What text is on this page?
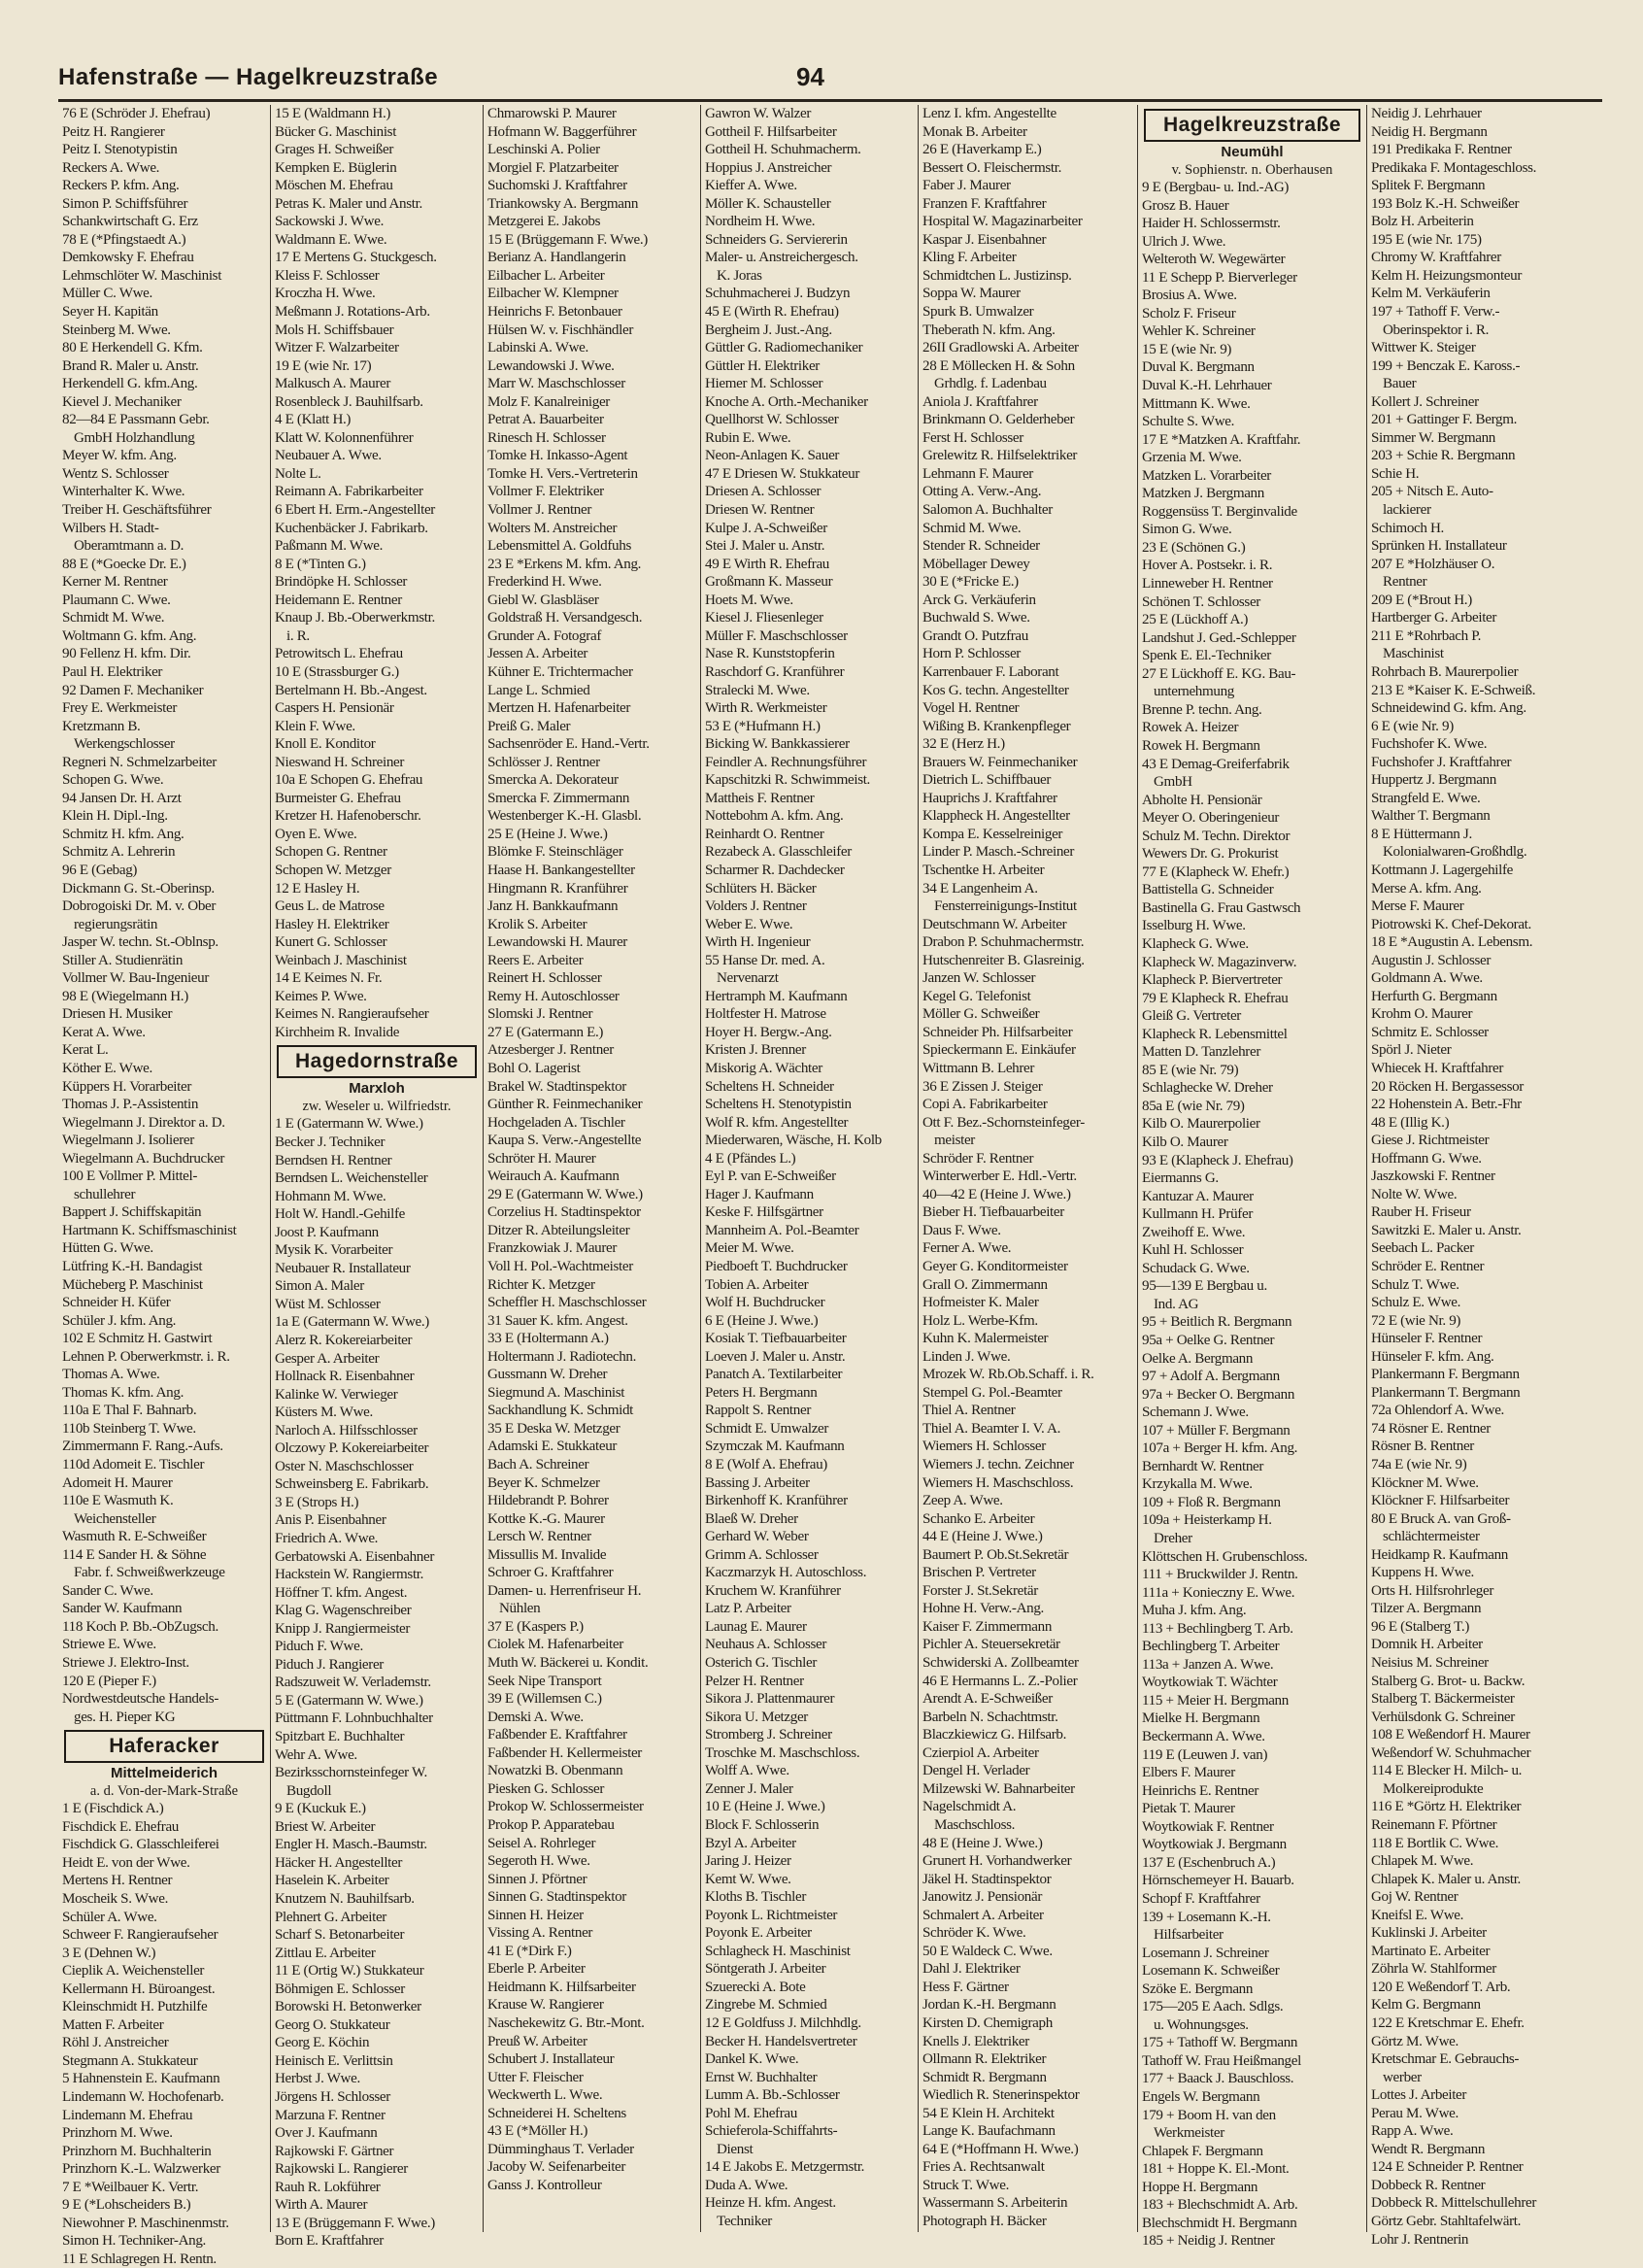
Hafenstraße — Hagelkreuzstraße	94
76 E (Schröder J. Ehefrau)
Peitz H. Rangierer
Peitz I. Stenotypistin
Reckers A. Wwe.
Reckers P. kfm. Ang.
Simon P. Schiffsführer
Schankwirtschaft G. Erz
78 E (*Pfingstaedt A.)
Demkowsky F. Ehefrau
Lehmschlöter W. Maschinist
Müller C. Wwe.
Seyer H. Kapitän
Steinberg M. Wwe.
80 E Herkendell G. Kfm.
Brand R. Maler u. Anstr.
Herkendell G. kfm.Ang.
Kievel J. Mechaniker
82—84 E Passmann Gebr.
GmbH Holzhandlung
Meyer W. kfm. Ang.
Wentz S. Schlosser
Winterhalter K. Wwe.
Treiber H. Geschäftsführer
Wilbers H. Stadt-
Oberamtmann a. D.
88 E (*Goecke Dr. E.)
Kerner M. Rentner
Plaumann C. Wwe.
Schmidt M. Wwe.
Woltmann G. kfm. Ang.
90 Fellenz H. kfm. Dir.
Paul H. Elektriker
92 Damen F. Mechaniker
Frey E. Werkmeister
Kretzmann B.
Werkengschlosser
Regneri N. Schmelzarbeiter
Schopen G. Wwe.
94 Jansen Dr. H. Arzt
Klein H. Dipl.-Ing.
Schmitz H. kfm. Ang.
Schmitz A. Lehrerin
96 E (Gebag)
Dickmann G. St.-Oberinsp.
Dobrogoiski Dr. M. v. Ober
regierungsrätin
Jasper W. techn. St.-Oblnsp.
Stiller A. Studienrätin
Vollmer W. Bau-Ingenieur
98 E (Wiegelmann H.)
Driesen H. Musiker
Kerat A. Wwe.
Kerat L.
Köther E. Wwe.
Küppers H. Vorarbeiter
Thomas J. P.-Assistentin
Wiegelmann J. Direktor a. D.
Wiegelmann J. Isolierer
Wiegelmann A. Buchdrucker
100 E Vollmer P. Mittel-
schullehrer
Bappert J. Schiffskapitän
Hartmann K. Schiffsmaschinist
Hütten G. Wwe.
Lütfring K.-H. Bandagist
Mücheberg P. Maschinist
Schneider H. Küfer
Schüler J. kfm. Ang.
102 E Schmitz H. Gastwirt
Lehnen P. Oberwerkmstr. i. R.
Thomas A. Wwe.
Thomas K. kfm. Ang.
110a E Thal F. Bahnarb.
110b Steinberg T. Wwe.
Zimmermann F. Rang.-Aufs.
110d Adomeit E. Tischler
Adomeit H. Maurer
110e E Wasmuth K.
Weichensteller
Wasmuth R. E-Schweißer
114 E Sander H. & Söhne
Fabr. f. Schweißwerkzeuge
Sander C. Wwe.
Sander W. Kaufmann
118 Koch P. Bb.-ObZugsch.
Striewe E. Wwe.
Striewe J. Elektro-Inst.
120 E (Pieper F.)
Nordwestdeutsche Handels-
ges. H. Pieper KG
Haferacker
Mittelmeiderich
a. d. Von-der-Mark-Straße
1 E (Fischdick A.)
Fischdick E. Ehefrau
Fischdick G. Glasschleiferei
Heidt E. von der Wwe.
Mertens H. Rentner
Moscheik S. Wwe.
Schüler A. Wwe.
Schweer F. Rangieraufseher
3 E (Dehnen W.)
Cieplik A. Weichensteller
Kellermann H. Büroangest.
Kleinschmidt H. Putzhilfe
Matten F. Arbeiter
Röhl J. Anstreicher
Stegmann A. Stukkateur
5 Hahnenstein E. Kaufmann
Lindemann W. Hochofenarb.
Lindemann M. Ehefrau
Prinzhorn M. Wwe.
Prinzhorn M. Buchhalterin
Prinzhorn K.-L. Walzwerker
7 E *Weilbauer K. Vertr.
9 E (*Lohscheiders B.)
Niewohner P. Maschinenmstr.
Simon H. Techniker-Ang.
11 E Schlagregen H. Rentn.
15 E (Waldmann H.)
Bücker G. Maschinist
Grages H. Schweißer
Kempken E. Büglerin
Möschen M. Ehefrau
Petras K. Maler und Anstr.
Sackowski J. Wwe.
Waldmann E. Wwe.
17 E Mertens G. Stuckgesch.
Kleiss F. Schlosser
Kroczha H. Wwe.
Meßmann J. Rotations-Arb.
Mols H. Schiffsbauer
Witzer F. Walzarbeiter
19 E (wie Nr. 17)
Malkusch A. Maurer
Rosenbleck J. Bauhilfsarb.
4 E (Klatt H.)
Klatt W. Kolonnenführer
Neubauer A. Wwe.
Nolte L.
Reimann A. Fabrikarbeiter
6 Ebert H. Erm.-Angestellter
Kuchenbäcker J. Fabrikarb.
Paßmann M. Wwe.
8 E (*Tinten G.)
Brindöpke H. Schlosser
Heidemann E. Rentner
Knaup J. Bb.-Oberwerkmstr.
i. R.
Petrowitsch L. Ehefrau
10 E (Strassburger G.)
Bertelmann H. Bb.-Angest.
Caspers H. Pensionär
Klein F. Wwe.
Knoll E. Konditor
Nieswand H. Schreiner
10a E Schopen G. Ehefrau
Burmeister G. Ehefrau
Kretzer H. Hafenoberschr.
Oyen E. Wwe.
Schopen G. Rentner
Schopen W. Metzger
12 E Hasley H.
Geus L. de Matrose
Hasley H. Elektriker
Kunert G. Schlosser
Weinbach J. Maschinist
14 E Keimes N. Fr.
Keimes P. Wwe.
Keimes N. Rangieraufseher
Kirchheim R. Invalide
Hagedornstraße
Marxloh
zw. Weseler u. Wilfriedstr.
1 E (Gatermann W. Wwe.)
Becker J. Techniker
Berndsen H. Rentner
Berndsen L. Weichensteller
Hohmann M. Wwe.
Holt W. Handl.-Gehilfe
Joost P. Kaufmann
Mysik K. Vorarbeiter
Neubauer R. Installateur
Simon A. Maler
Wüst M. Schlosser
1a E (Gatermann W. Wwe.)
Alerz R. Kokereiarbeiter
Gesper A. Arbeiter
Hollnack R. Eisenbahner
Kalinke W. Verwieger
Küsters M. Wwe.
Narloch A. Hilfsschlosser
Olczowy P. Kokereiarbeiter
Oster N. Maschschlosser
Schweinsberg E. Fabrikarb.
3 E (Strops H.)
Anis P. Eisenbahner
Friedrich A. Wwe.
Gerbatowski A. Eisenbahner
Hackstein W. Rangiermstr.
Höffner T. kfm. Angest.
Klag G. Wagenschreiber
Knipp J. Rangiermeister
Piduch F. Wwe.
Piduch J. Rangierer
Radszuweit W. Verlademstr.
5 E (Gatermann W. Wwe.)
Püttmann F. Lohnbuchhalter
Spitzbart E. Buchhalter
Wehr A. Wwe.
Bezirksschornsteinfeger W.
Bugdoll
9 E (Kuckuk E.)
Briest W. Arbeiter
Engler H. Masch.-Baumstr.
Häcker H. Angestellter
Haselein K. Arbeiter
Knutzem N. Bauhilfsarb.
Plehnert G. Arbeiter
Scharf S. Betonarbeiter
Zittlau E. Arbeiter
11 E (Ortig W.) Stukkateur
Böhmigen E. Schlosser
Borowski H. Betonwerker
Georg O. Stukkateur
Georg E. Köchin
Heinisch E. Verlittsin
Herbst J. Wwe.
Jörgens H. Schlosser
Marzuna F. Rentner
Over J. Kaufmann
Rajkowski F. Gärtner
Rajkowski L. Rangierer
Rauh R. Lokführer
Wirth A. Maurer
13 E (Brüggemann F. Wwe.)
Born E. Kraftfahrer
Chmarowski P. Maurer
Hofmann W. Baggerführer
Leschinski A. Polier
Morgiel F. Platzarbeiter
Suchomski J. Kraftfahrer
Triankowsky A. Bergmann
Metzgerei E. Jakobs
15 E (Brüggemann F. Wwe.)
Berianz A. Handlangerin
Eilbacher L. Arbeiter
Eilbacher W. Klempner
Heinrichs F. Betonbauer
Hülsen W. v. Fischhändler
Labinski A. Wwe.
Lewandowski J. Wwe.
Marr W. Maschschlosser
Molz F. Kanalreiniger
Petrat A. Bauarbeiter
Rinesch H. Schlosser
Tomke H. Inkasso-Agent
Tomke H. Vers.-Vertreterin
Vollmer F. Elektriker
Vollmer J. Rentner
Wolters M. Anstreicher
Lebensmittel A. Goldfuhs
23 E *Erkens M. kfm. Ang.
Frederkind H. Wwe.
Giebl W. Glasbläser
Goldstraß H. Versandgesch.
Grunder A. Fotograf
Jessen A. Arbeiter
Kühner E. Trichtermacher
Lange L. Schmied
Mertzen H. Hafenarbeiter
Preiß G. Maler
Sachsenröder E. Hand.-Vertr.
Schlösser J. Rentner
Smercka A. Dekorateur
Smercka F. Zimmermann
Westenberger K.-H. Glasbl.
25 E (Heine J. Wwe.)
Blömke F. Steinschläger
Haase H. Bankangestellter
Hingmann R. Kranführer
Janz H. Bankkaufmann
Krolik S. Arbeiter
Lewandowski H. Maurer
Reers E. Arbeiter
Reinert H. Schlosser
Remy H. Autoschlosser
Slomski J. Rentner
27 E (Gatermann E.)
Atzesberger J. Rentner
Bohl O. Lagerist
Brakel W. Stadtinspektor
Günther R. Feinmechaniker
Hochgeladen A. Tischler
Kaupa S. Verw.-Angestellte
Schröter H. Maurer
Weirauch A. Kaufmann
29 E (Gatermann W. Wwe.)
Corzelius H. Stadtinspektor
Ditzer R. Abteilungsleiter
Franzkowiak J. Maurer
Voll H. Pol.-Wachtmeister
Richter K. Metzger
Scheffler H. Maschschlosser
31 Sauer K. kfm. Angest.
33 E (Holtermann A.)
Holtermann J. Radiotechn.
Gussmann W. Dreher
Siegmund A. Maschinist
Sackhandlung K. Schmidt
35 E Deska W. Metzger
Adamski E. Stukkateur
Bach A. Schreiner
Beyer K. Schmelzer
Hildebrandt P. Bohrer
Kottke K.-G. Maurer
Lersch W. Rentner
Missullis M. Invalide
Schroer G. Kraftfahrer
Damen- u. Herrenfriseur H.
Nühlen
37 E (Kaspers P.)
Ciolek M. Hafenarbeiter
Muth W. Bäckerei u. Kondit.
Seek Nipe Transport
39 E (Willemsen C.)
Demski A. Wwe.
Faßbender E. Kraftfahrer
Faßbender H. Kellermeister
Nowatzki B. Obenmann
Piesken G. Schlosser
Prokop W. Schlossermeister
Prokop P. Apparatebau
Seisel A. Rohrleger
Segeroth H. Wwe.
Sinnen J. Pförtner
Sinnen G. Stadtinspektor
Sinnen H. Heizer
Vissing A. Rentner
41 E (*Dirk F.)
Eberle P. Arbeiter
Heidmann K. Hilfsarbeiter
Krause W. Rangierer
Naschekewitz G. Btr.-Mont.
Preuß W. Arbeiter
Schubert J. Installateur
Utter F. Fleischer
Weckwerth L. Wwe.
Schneiderei H. Scheltens
43 E (*Möller H.)
Dümminghaus T. Verlader
Jacoby W. Seifenarbeiter
Ganss J. Kontrolleur
Gawron W. Walzer
Gottheil F. Hilfsarbeiter
Gottheil H. Schuhmacherm.
Hoppius J. Anstreicher
Kieffer A. Wwe.
Möller K. Schausteller
Nordheim H. Wwe.
Schneiders G. Serviererin
Maler- u. Anstreichergesch.
K. Joras
Schuhmacherei J. Budzyn
45 E (Wirth R. Ehefrau)
Bergheim J. Just.-Ang.
Güttler G. Radiomechaniker
Güttler H. Elektriker
Hiemer M. Schlosser
Knoche A. Orth.-Mechaniker
Quellhorst W. Schlosser
Rubin E. Wwe.
Neon-Anlagen K. Sauer
47 E Driesen W. Stukkateur
Driesen A. Schlosser
Driesen W. Rentner
Kulpe J. A-Schweißer
Stei J. Maler u. Anstr.
49 E Wirth R. Ehefrau
Großmann K. Masseur
Hoets M. Wwe.
Kiesel J. Fliesenleger
Müller F. Maschschlosser
Nase R. Kunststopferin
Raschdorf G. Kranführer
Stralecki M. Wwe.
Wirth R. Werkmeister
53 E (*Hufmann H.)
Bicking W. Bankkassierer
Feindler A. Rechnungsführer
Kapschitzki R. Schwimmeist.
Mattheis F. Rentner
Nottebohm A. kfm. Ang.
Reinhardt O. Rentner
Rezabeck A. Glasschleifer
Scharmer R. Dachdecker
Schlüters H. Bäcker
Volders J. Rentner
Weber E. Wwe.
Wirth H. Ingenieur
55 Hanse Dr. med. A.
Nervenarzt
Hertramph M. Kaufmann
Holtfester H. Matrose
Hoyer H. Bergw.-Ang.
Kristen J. Brenner
Miskorig A. Wächter
Scheltens H. Schneider
Scheltens H. Stenotypistin
Wolf R. kfm. Angestellter
Miederwaren, Wäsche, H. Kolb
4 E (Pfändes L.)
Eyl P. van E-Schweißer
Hager J. Kaufmann
Keske F. Hilfsgärtner
Mannheim A. Pol.-Beamter
Meier M. Wwe.
Piedboeft T. Buchdrucker
Tobien A. Arbeiter
Wolf H. Buchdrucker
6 E (Heine J. Wwe.)
Kosiak T. Tiefbauarbeiter
Loeven J. Maler u. Anstr.
Panatch A. Textilarbeiter
Peters H. Bergmann
Rappolt S. Rentner
Schmidt E. Umwalzer
Szymczak M. Kaufmann
8 E (Wolf A. Ehefrau)
Bassing J. Arbeiter
Birkenhoff K. Kranführer
Blaeß W. Dreher
Gerhard W. Weber
Grimm A. Schlosser
Kaczmarzyk H. Autoschloss.
Kruchem W. Kranführer
Latz P. Arbeiter
Launag E. Maurer
Neuhaus A. Schlosser
Osterich G. Tischler
Pelzer H. Rentner
Sikora J. Plattenmaurer
Sikora U. Metzger
Stromberg J. Schreiner
Troschke M. Maschschloss.
Wolff A. Wwe.
Zenner J. Maler
10 E (Heine J. Wwe.)
Block F. Schlosserin
Bzyl A. Arbeiter
Jaring J. Heizer
Kemt W. Wwe.
Kloths B. Tischler
Poyonk L. Richtmeister
Poyonk E. Arbeiter
Schlagheck H. Maschinist
Söntgerath J. Arbeiter
Szuerecki A. Bote
Zingrebe M. Schmied
12 E Goldfuss J. Milchhdlg.
Becker H. Handelsvertreter
Dankel K. Wwe.
Ernst W. Buchhalter
Lumm A. Bb.-Schlosser
Pohl M. Ehefrau
Schieferola-Schiffahrts-
Dienst
14 E Jakobs E. Metzgermstr.
Duda A. Wwe.
Heinze H. kfm. Angest.
Techniker
Lenz I. kfm. Angestellte
Monak B. Arbeiter
26 E (Haverkamp E.)
Bessert O. Fleischermstr.
Faber J. Maurer
Franzen F. Kraftfahrer
Hospital W. Magazinarbeiter
Kaspar J. Eisenbahner
Kling F. Arbeiter
Schmidtchen L. Justizinsp.
Soppa W. Maurer
Spurk B. Umwalzer
Theberath N. kfm. Ang.
26II Gradlowski A. Arbeiter
28 E Möllecken H. & Sohn
Grhdlg. f. Ladenbau
Aniola J. Kraftfahrer
Brinkmann O. Gelderheber
Ferst H. Schlosser
Grelewitz R. Hilfselektriker
Lehmann F. Maurer
Otting A. Verw.-Ang.
Salomon A. Buchhalter
Schmid M. Wwe.
Stender R. Schneider
Möbellager Dewey
30 E (*Fricke E.)
Arck G. Verkäuferin
Buchwald S. Wwe.
Grandt O. Putzfrau
Horn P. Schlosser
Karrenbauer F. Laborant
Kos G. techn. Angestellter
Vogel H. Rentner
Wißing B. Krankenpfleger
32 E (Herz H.)
Brauers W. Feinmechaniker
Dietrich L. Schiffbauer
Hauprichs J. Kraftfahrer
Klappheck H. Angestellter
Kompa E. Kesselreiniger
Linder P. Masch.-Schreiner
Tschentke H. Arbeiter
34 E Langenheim A.
Fensterreinigungs-Institut
Deutschmann W. Arbeiter
Drabon P. Schuhmachermstr.
Hutschenreiter B. Glasreinig.
Janzen W. Schlosser
Kegel G. Telefonist
Möller G. Schweißer
Schneider Ph. Hilfsarbeiter
Spieckermann E. Einkäufer
Wittmann B. Lehrer
36 E Zissen J. Steiger
Copi A. Fabrikarbeiter
Ott F. Bez.-Schornsteinfeger-
meister
Schröder F. Rentner
Winterwerber E. Hdl.-Vertr.
40—42 E (Heine J. Wwe.)
Bieber H. Tiefbauarbeiter
Daus F. Wwe.
Ferner A. Wwe.
Geyer G. Konditormeister
Grall O. Zimmermann
Hofmeister K. Maler
Holz L. Werbe-Kfm.
Kuhn K. Malermeister
Linden J. Wwe.
Mrozek W. Rb.Ob.Schaff. i. R.
Stempel G. Pol.-Beamter
Thiel A. Rentner
Thiel A. Beamter I. V. A.
Wiemers H. Schlosser
Wiemers J. techn. Zeichner
Wiemers H. Maschschloss.
Zeep A. Wwe.
Schanko E. Arbeiter
44 E (Heine J. Wwe.)
Baumert P. Ob.St.Sekretär
Brischen P. Vertreter
Forster J. St.Sekretär
Hohne H. Verw.-Ang.
Kaiser F. Zimmermann
Pichler A. Steuersekretär
Schwiderski A. Zollbeamter
46 E Hermanns L. Z.-Polier
Arendt A. E-Schweißer
Barbeln N. Schachtmstr.
Blaczkiewicz G. Hilfsarb.
Czierpiol A. Arbeiter
Dengel H. Verlader
Milzewski W. Bahnarbeiter
Nagelschmidt A.
Maschschloss.
48 E (Heine J. Wwe.)
Grunert H. Vorhandwerker
Jäkel H. Stadtinspektor
Janowitz J. Pensionär
Schmalert A. Arbeiter
Schröder K. Wwe.
50 E Waldeck C. Wwe.
Dahl J. Elektriker
Hess F. Gärtner
Jordan K.-H. Bergmann
Kirsten D. Chemigraph
Knells J. Elektriker
Ollmann R. Elektriker
Schmidt R. Bergmann
Wiedlich R. Stenerinspektor
54 E Klein H. Architekt
Lange K. Baufachmann
64 E (*Hoffmann H. Wwe.)
Fries A. Rechtsanwalt
Struck T. Wwe.
Wassermann S. Arbeiterin
Photograph H. Bäcker
Hagelkreuzstraße
Neumühl
v. Sophienstr. n. Oberhausen
9 E (Bergbau- u. Ind.-AG)
Grosz B. Hauer
Haider H. Schlossermstr.
Ulrich J. Wwe.
Welteroth W. Wegewärter
11 E Schepp P. Bierverleger
Brosius A. Wwe.
Scholz F. Friseur
Wehler K. Schreiner
15 E (wie Nr. 9)
Duval K. Bergmann
Duval K.-H. Lehrhauer
Mittmann K. Wwe.
Schulte S. Wwe.
17 E *Matzken A. Kraftfahr.
Grzenia M. Wwe.
Matzken L. Vorarbeiter
Matzken J. Bergmann
Roggensüss T. Berginvalide
Simon G. Wwe.
23 E (Schönen G.)
Hover A. Postsekr. i. R.
Linneweber H. Rentner
Schönen T. Schlosser
25 E (Lückhoff A.)
Landshut J. Ged.-Schlepper
Spenk E. El.-Techniker
27 E Lückhoff E. KG. Bau-
unternehmung
Brenne P. techn. Ang.
Rowek A. Heizer
Rowek H. Bergmann
43 E Demag-Greiferfabrik
GmbH
Abholte H. Pensionär
Meyer O. Oberingenieur
Schulz M. Techn. Direktor
Wewers Dr. G. Prokurist
77 E (Klapheck W. Ehefr.)
Battistella G. Schneider
Bastinella G. Frau Gastwsch
Isselburg H. Wwe.
Klapheck G. Wwe.
Klapheck W. Magazinverw.
Klapheck P. Biervertreter
79 E Klapheck R. Ehefrau
Gleiß G. Vertreter
Klapheck R. Lebensmittel
Matten D. Tanzlehrer
85 E (wie Nr. 79)
Schlaghecke W. Dreher
85a E (wie Nr. 79)
Kilb O. Maurerpolier
Kilb O. Maurer
93 E (Klapheck J. Ehefrau)
Eiermanns G.
Kantuzar A. Maurer
Kullmann H. Prüfer
Zweihoff E. Wwe.
Kuhl H. Schlosser
Schudack G. Wwe.
95—139 E Bergbau u.
Ind. AG
95 + Beitlich R. Bergmann
95a + Oelke G. Rentner
Oelke A. Bergmann
97 + Adolf A. Bergmann
97a + Becker O. Bergmann
Schemann J. Wwe.
107 + Müller F. Bergmann
107a + Berger H. kfm. Ang.
Bernhardt W. Rentner
Krzykalla M. Wwe.
109 + Floß R. Bergmann
109a + Heisterkamp H.
Dreher
Klöttschen H. Grubenschloss.
111 + Bruckwilder J. Rentn.
111a + Konieczny E. Wwe.
Muha J. kfm. Ang.
113 + Bechlingberg T. Arb.
Bechlingberg T. Arbeiter
113a + Janzen A. Wwe.
Woytkowiak T. Wächter
115 + Meier H. Bergmann
Mielke H. Bergmann
Beckermann A. Wwe.
119 E (Leuwen J. van)
Elbers F. Maurer
Heinrichs E. Rentner
Pietak T. Maurer
Woytkowiak F. Rentner
Woytkowiak J. Bergmann
137 E (Eschenbruch A.)
Hörnschemeyer H. Bauarb.
Schopf F. Kraftfahrer
139 + Losemann K.-H.
Hilfsarbeiter
Losemann J. Schreiner
Losemann K. Schweißer
Szöke E. Bergmann
175—205 E Aach. Sdlgs.
u. Wohnungsges.
175 + Tathoff W. Bergmann
Tathoff W. Frau Heißmangel
177 + Baack J. Bauschloss.
Engels W. Bergmann
179 + Boom H. van den
Werkmeister
Chlapek F. Bergmann
181 + Hoppe K. El.-Mont.
Hoppe H. Bergmann
183 + Blechschmidt A. Arb.
Blechschmidt H. Bergmann
185 + Neidig J. Rentner
Neidig J. Lehrhauer
Neidig H. Bergmann
191 Predikaka F. Rentner
Predikaka F. Montageschloss.
Splitek F. Bergmann
193 Bolz K.-H. Schweißer
Bolz H. Arbeiterin
195 E (wie Nr. 175)
Chromy W. Kraftfahrer
Kelm H. Heizungsmonteur
Kelm M. Verkäuferin
197 + Tathoff F. Verw.-
Oberinspektor i. R.
Wittwer K. Steiger
199 + Benczak E. Kaross.-
Bauer
Kollert J. Schreiner
201 + Gattinger F. Bergm.
Simmer W. Bergmann
203 + Schie R. Bergmann
Schie H.
205 + Nitsch E. Auto-
lackierer
Schimoch H.
Sprünken H. Installateur
207 E *Holzhäuser O.
Rentner
209 E (*Brout H.)
Hartberger G. Arbeiter
211 E *Rohrbach P.
Maschinist
Rohrbach B. Maurerpolier
213 E *Kaiser K. E-Schweiß.
Schneidewind G. kfm. Ang.
6 E (wie Nr. 9)
Fuchshofer K. Wwe.
Fuchshofer J. Kraftfahrer
Huppertz J. Bergmann
Strangfeld E. Wwe.
Walther T. Bergmann
8 E Hüttermann J.
Kolonialwaren-Großhdlg.
Kottmann J. Lagergehilfe
Merse A. kfm. Ang.
Merse F. Maurer
Piotrowski K. Chef-Dekorat.
18 E *Augustin A. Lebensm.
Augustin J. Schlosser
Goldmann A. Wwe.
Herfurth G. Bergmann
Krohm O. Maurer
Schmitz E. Schlosser
Spörl J. Nieter
Whiecek H. Kraftfahrer
20 Röcken H. Bergassessor
22 Hohenstein A. Betr.-Fhr
48 E (Illig K.)
Giese J. Richtmeister
Hoffmann G. Wwe.
Jaszkowski F. Rentner
Nolte W. Wwe.
Rauber H. Friseur
Sawitzki E. Maler u. Anstr.
Seebach L. Packer
Schröder E. Rentner
Schulz T. Wwe.
Schulz E. Wwe.
72 E (wie Nr. 9)
Hünseler F. Rentner
Hünseler F. kfm. Ang.
Plankermann F. Bergmann
Plankermann T. Bergmann
72a Ohlendorf A. Wwe.
74 Rösner E. Rentner
Rösner B. Rentner
74a E (wie Nr. 9)
Klöckner M. Wwe.
Klöckner F. Hilfsarbeiter
80 E Bruck A. van Groß-
schlächtermeister
Heidkamp R. Kaufmann
Kuppens H. Wwe.
Orts H. Hilfsrohrleger
Tilzer A. Bergmann
96 E (Stalberg T.)
Domnik H. Arbeiter
Neisius M. Schreiner
Stalberg G. Brot- u. Backw.
Stalberg T. Bäckermeister
Verhülsdonk G. Schreiner
108 E Weßendorf H. Maurer
Weßendorf W. Schuhmacher
114 E Blecker H. Milch- u.
Molkereiprodukte
116 E *Görtz H. Elektriker
Reinemann F. Pförtner
118 E Bortlik C. Wwe.
Chlapek M. Wwe.
Chlapek K. Maler u. Anstr.
Goj W. Rentner
Kneifsl E. Wwe.
Kuklinski J. Arbeiter
Martinato E. Arbeiter
Zöhrla W. Stahlformer
120 E Weßendorf T. Arb.
Kelm G. Bergmann
122 E Kretschmar E. Ehefr.
Görtz M. Wwe.
Kretschmar E. Gebrauchs-
werber
Lottes J. Arbeiter
Perau M. Wwe.
Rapp A. Wwe.
Wendt R. Bergmann
124 E Schneider P. Rentner
Dobbeck R. Rentner
Dobbeck R. Mittelschullehrer
Görtz Gebr. Stahltafelwärt.
Lohr J. Rentnerin
